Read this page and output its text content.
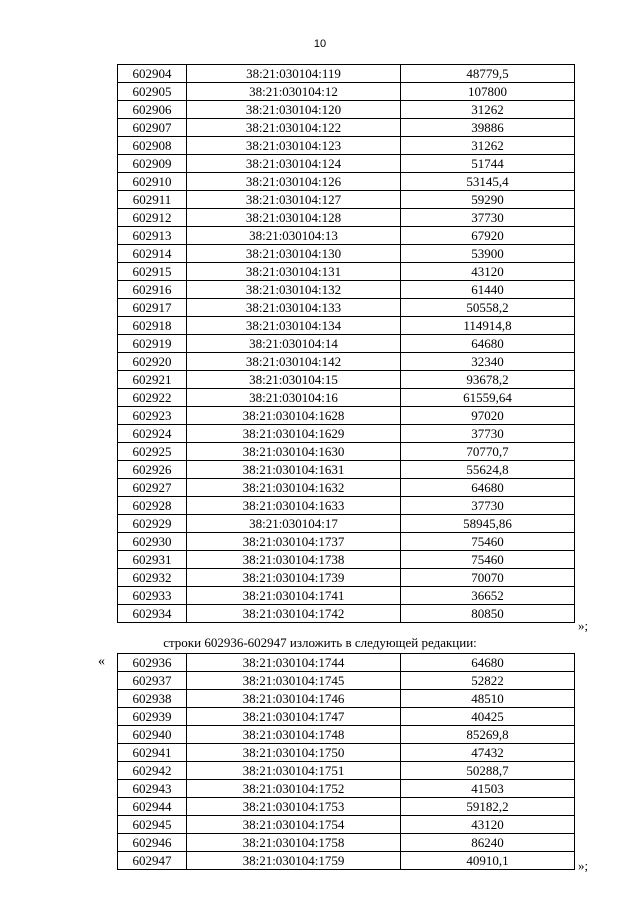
10
602904	38:21:030104:119	48779,5
602905	38:21:030104:12	107800
602906	38:21:030104:120	31262
602907	38:21:030104:122	39886
602908	38:21:030104:123	31262
602909	38:21:030104:124	51744
602910	38:21:030104:126	53145,4
602911	38:21:030104:127	59290
602912	38:21:030104:128	37730
602913	38:21:030104:13	67920
602914	38:21:030104:130	53900
602915	38:21:030104:131	43120
602916	38:21:030104:132	61440
602917	38:21:030104:133	50558,2
602918	38:21:030104:134	114914,8
602919	38:21:030104:14	64680
602920	38:21:030104:142	32340
602921	38:21:030104:15	93678,2
602922	38:21:030104:16	61559,64
602923	38:21:030104:1628	97020
602924	38:21:030104:1629	37730
602925	38:21:030104:1630	70770,7
602926	38:21:030104:1631	55624,8
602927	38:21:030104:1632	64680
602928	38:21:030104:1633	37730
602929	38:21:030104:17	58945,86
602930	38:21:030104:1737	75460
602931	38:21:030104:1738	75460
602932	38:21:030104:1739	70070
602933	38:21:030104:1741	36652
602934	38:21:030104:1742	80850
»;
строки 602936-602947 изложить в следующей редакции:
« 602936	38:21:030104:1744	64680
602937	38:21:030104:1745	52822
602938	38:21:030104:1746	48510
602939	38:21:030104:1747	40425
602940	38:21:030104:1748	85269,8
602941	38:21:030104:1750	47432
602942	38:21:030104:1751	50288,7
602943	38:21:030104:1752	41503
602944	38:21:030104:1753	59182,2
602945	38:21:030104:1754	43120
602946	38:21:030104:1758	86240
602947	38:21:030104:1759	40910,1	»;
